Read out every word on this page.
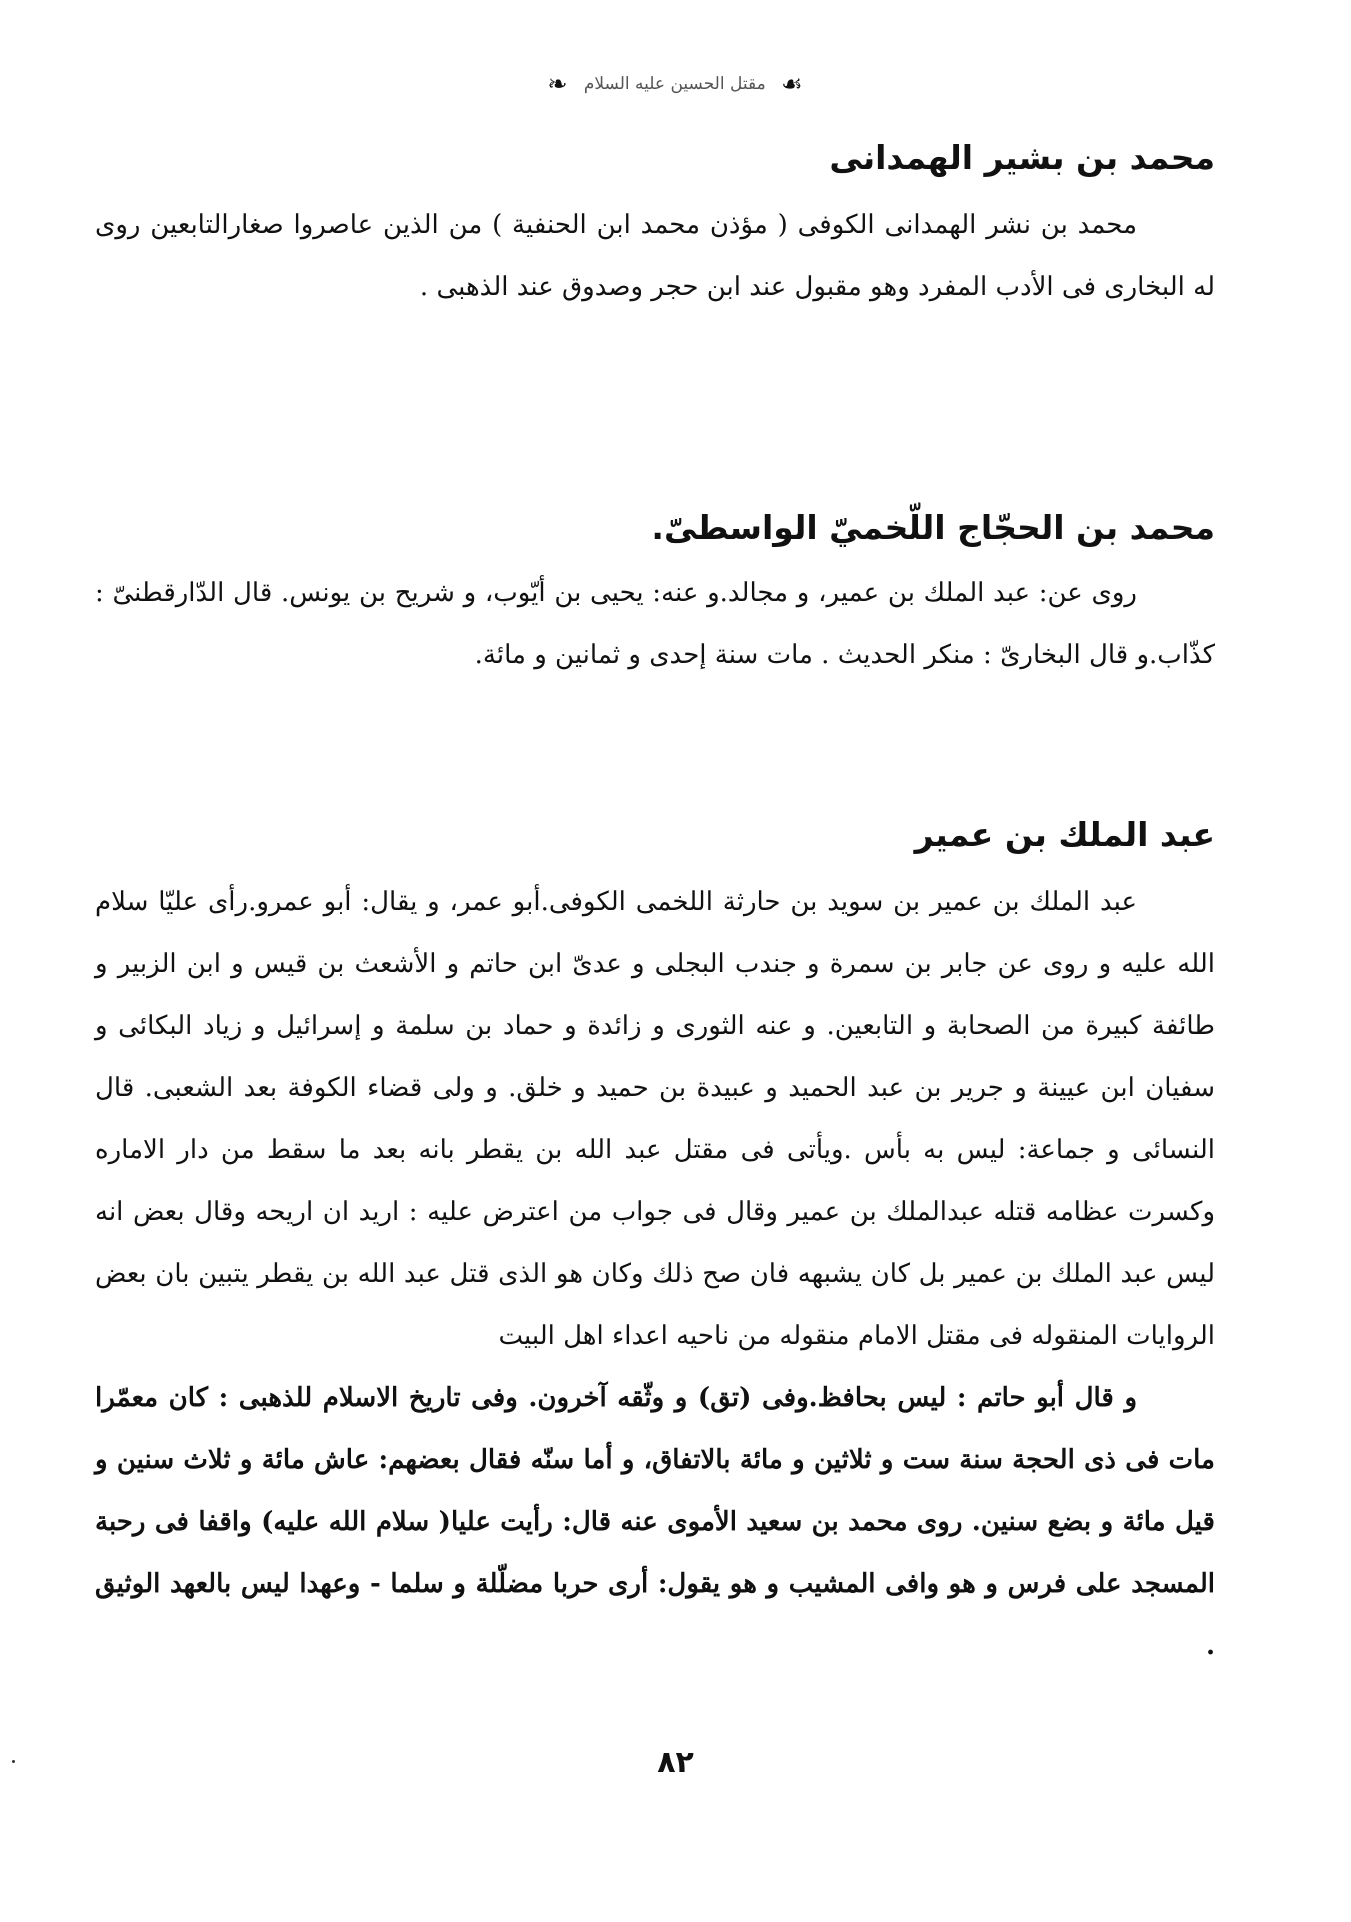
☙ مقتل الحسين عليه السلام ❧
محمد بن بشير الهمدانى

محمد بن نشر الهمدانى الكوفى ( مؤذن محمد ابن الحنفية ) من الذين عاصروا صغارالتابعين روى له البخارى فى الأدب المفرد وهو مقبول عند ابن حجر وصدوق عند الذهبى .

محمد بن الحجّاج اللّخميّ الواسطىّ.

روى عن: عبد الملك بن عمير، و مجالد.و عنه: يحيى بن أيّوب، و شريح بن يونس. قال الدّارقطنىّ : كذّاب.و قال البخارىّ : منكر الحديث . مات سنة إحدى و ثمانين و مائة.

عبد الملك بن عمير

عبد الملك بن عمير بن سويد بن حارثة اللخمى الكوفى.أبو عمر، و يقال: أبو عمرو.رأى عليّا سلام الله عليه و روى عن جابر بن سمرة و جندب البجلى و عدىّ ابن حاتم و الأشعث بن قيس و ابن الزبير و طائفة كبيرة من الصحابة و التابعين. و عنه الثورى و زائدة و حماد بن سلمة و إسرائيل و زياد البكائى و سفيان ابن عيينة و جرير بن عبد الحميد و عبيدة بن حميد و خلق. و ولى قضاء الكوفة بعد الشعبى. قال النسائى و جماعة: ليس به بأس .ويأتى فى مقتل عبد الله بن يقطر بانه بعد ما سقط من دار الاماره وكسرت عظامه قتله عبدالملك بن عمير وقال فى جواب من اعترض عليه : اريد ان اريحه وقال بعض انه ليس عبد الملك بن عمير بل كان يشبهه فان صح ذلك وكان هو الذى قتل عبد الله بن يقطر يتبين بان بعض الروايات المنقوله فى مقتل الامام منقوله من ناحيه اعداء اهل البيت

و قال أبو حاتم : ليس بحافظ.وفى (تق) و وثّقه آخرون. وفى تاريخ الاسلام للذهبى : كان معمّرا مات فى ذى الحجة سنة ست و ثلاثين و مائة بالاتفاق، و أما سنّه فقال بعضهم: عاش مائة و ثلاث سنين و قيل مائة و بضع سنين. روى محمد بن سعيد الأموى عنه قال: رأيت عليا( سلام الله عليه) واقفا فى رحبة المسجد على فرس و هو وافى المشيب و هو يقول: أرى حربا مضلّلة و سلما - وعهدا ليس بالعهد الوثيق .

٨٢
